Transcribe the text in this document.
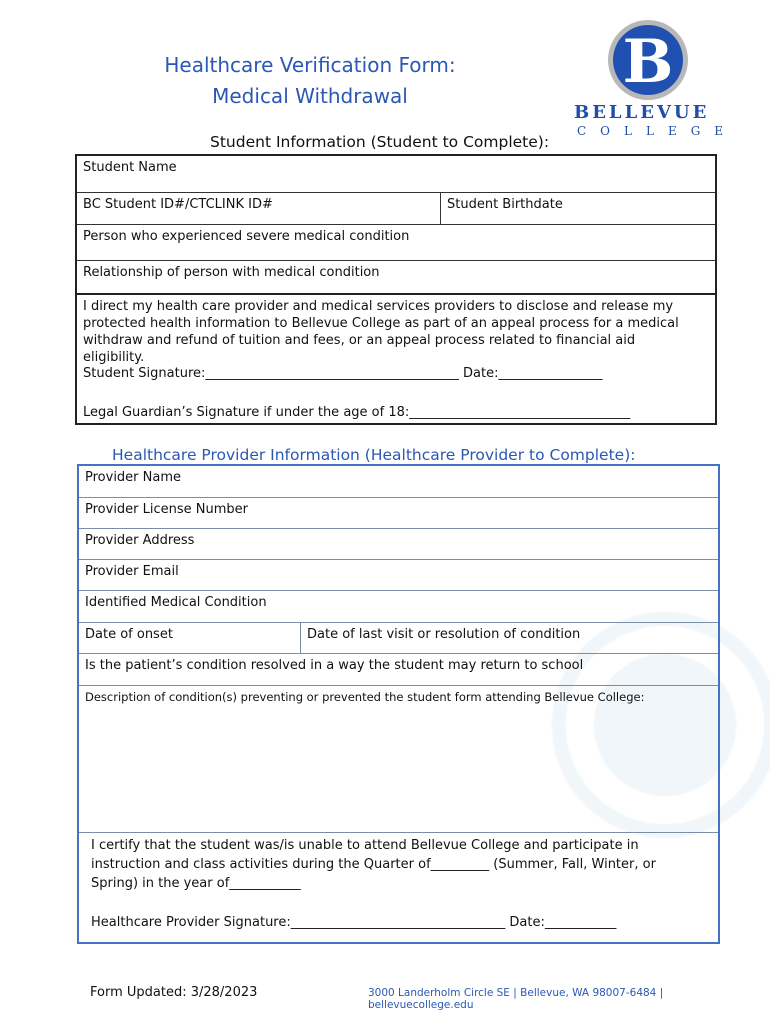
Healthcare Verification Form:
Medical Withdrawal	B
BELLEVUE
COLLEGE
Student Information (Student to Complete):
Student Name
BC Student ID#/CTCLINK ID#	Student Birthdate
Person who experienced severe medical condition
Relationship of person with medical condition
I direct my health care provider and medical services providers to disclose and release my protected health information to Bellevue College as part of an appeal process for a medical withdraw and refund of tuition and fees, or an appeal process related to financial aid eligibility.
Student Signature:_______________________________________ Date:________________
Legal Guardian’s Signature if under the age of 18:__________________________________
Healthcare Provider Information (Healthcare Provider to Complete):
Provider Name
Provider License Number
Provider Address
Provider Email
Identified Medical Condition
Date of onset	Date of last visit or resolution of condition
Is the patient’s condition resolved in a way the student may return to school
Description of condition(s) preventing or prevented the student form attending Bellevue College:
I certify that the student was/is unable to attend Bellevue College and participate in instruction and class activities during the Quarter of_________ (Summer, Fall, Winter, or Spring) in the year of___________
Healthcare Provider Signature:_________________________________ Date:___________
Form Updated: 3/28/2023	3000 Landerholm Circle SE | Bellevue, WA 98007-6484 | bellevuecollege.edu
